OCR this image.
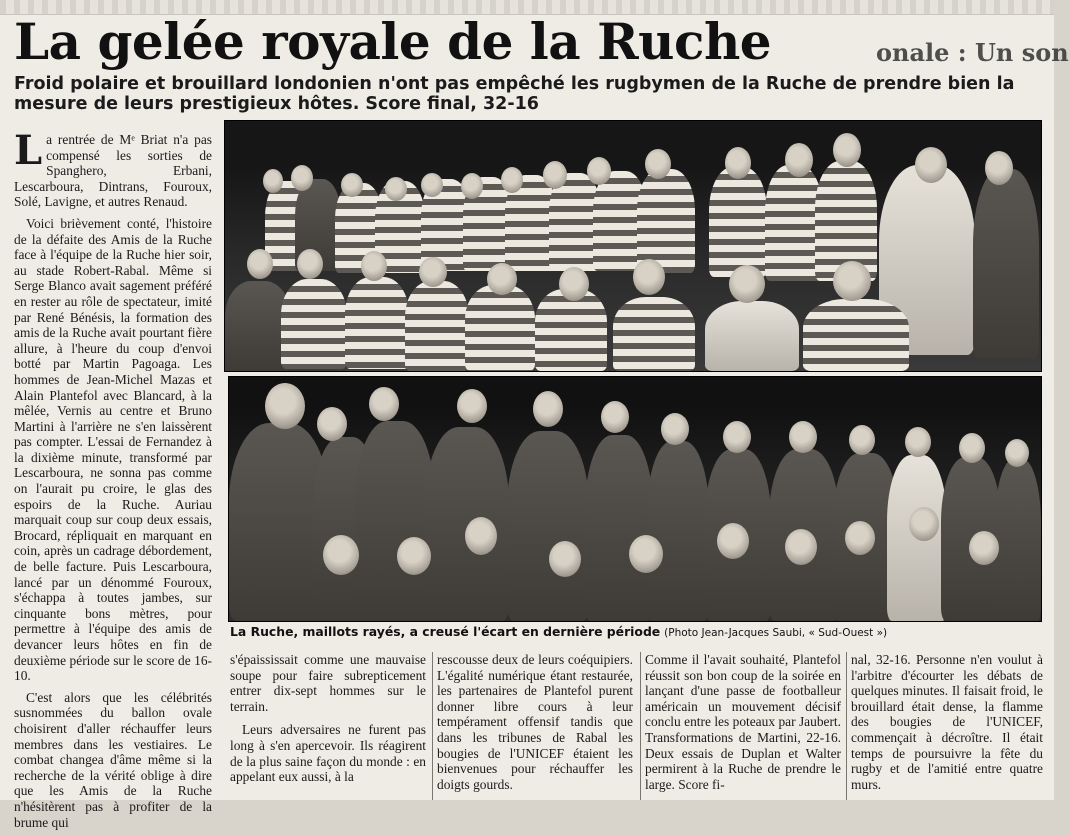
La gelée royale de la Ruche	onale : Un son
Froid polaire et brouillard londonien n'ont pas empêché les rugbymen de la Ruche de prendre bien la mesure de leurs prestigieux hôtes. Score final, 32-16

La rentrée de Mᵉ Briat n'a pas compensé les sorties de Spanghero, Erbani, Lescarboura, Dintrans, Fouroux, Solé, Lavigne, et autres Renaud.

Voici brièvement conté, l'histoire de la défaite des Amis de la Ruche face à l'équipe de la Ruche hier soir, au stade Robert-Rabal. Même si Serge Blanco avait sagement préféré en rester au rôle de spectateur, imité par René Bénésis, la formation des amis de la Ruche avait pourtant fière allure, à l'heure du coup d'envoi botté par Martin Pagoaga. Les hommes de Jean-Michel Mazas et Alain Plantefol avec Blancard, à la mêlée, Vernis au centre et Bruno Martini à l'arrière ne s'en laissèrent pas compter. L'essai de Fernandez à la dixième minute, transformé par Lescarboura, ne sonna pas comme on l'aurait pu croire, le glas des espoirs de la Ruche. Auriau marquait coup sur coup deux essais, Brocard, répliquait en marquant en coin, après un cadrage débordement, de belle facture. Puis Lescarboura, lancé par un dénommé Fouroux, s'échappa à toutes jambes, sur cinquante bons mètres, pour permettre à l'équipe des amis de devancer leurs hôtes en fin de deuxième période sur le score de 16-10.

C'est alors que les célébrités susnommées du ballon ovale choisirent d'aller réchauffer leurs membres dans les vestiaires. Le combat changea d'âme même si la recherche de la vérité oblige à dire que les Amis de la Ruche n'hésitèrent pas à profiter de la brume qui

La Ruche, maillots rayés, a creusé l'écart en dernière période (Photo Jean-Jacques Saubi, « Sud-Ouest »)

s'épaississait comme une mauvaise soupe pour faire subrepticement entrer dix-sept hommes sur le terrain.

Leurs adversaires ne furent pas long à s'en apercevoir. Ils réagirent de la plus saine façon du monde : en appelant eux aussi, à la

rescousse deux de leurs coéquipiers. L'égalité numérique étant restaurée, les partenaires de Plantefol purent donner libre cours à leur tempérament offensif tandis que dans les tribunes de Rabal les bougies de l'UNICEF étaient les bienvenues pour réchauffer les doigts gourds.

Comme il l'avait souhaité, Plantefol réussit son bon coup de la soirée en lançant d'une passe de footballeur américain un mouvement décisif conclu entre les poteaux par Jaubert. Transformations de Martini, 22-16. Deux essais de Duplan et Walter permirent à la Ruche de prendre le large. Score fi-

nal, 32-16. Personne n'en voulut à l'arbitre d'écourter les débats de quelques minutes. Il faisait froid, le brouillard était dense, la flamme des bougies de l'UNICEF, commençait à décroître. Il était temps de poursuivre la fête du rugby et de l'amitié entre quatre murs.
